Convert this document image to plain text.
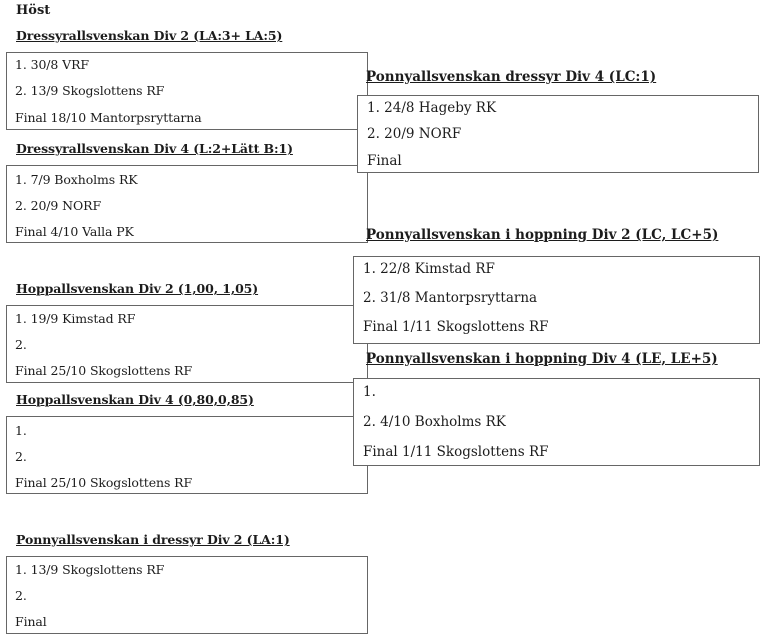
Höst
Dressyrallsvenskan Div 2 (LA:3+ LA:5)
1. 30/8 VRF
2. 13/9 Skogslottens RF
Final 18/10 Mantorpsryttarna
Dressyrallsvenskan Div 4 (L:2+Lätt B:1)
1. 7/9 Boxholms RK
2. 20/9 NORF
Final 4/10 Valla PK
Hoppallsvenskan Div 2 (1,00, 1,05)
1. 19/9 Kimstad RF
2.
Final 25/10 Skogslottens RF
Hoppallsvenskan Div 4 (0,80,0,85)
1.
2.
Final 25/10 Skogslottens RF
Ponnyallsvenskan i dressyr Div 2 (LA:1)
1. 13/9 Skogslottens RF
2.
Final
Ponnyallsvenskan dressyr Div 4 (LC:1)
1. 24/8 Hageby RK
2. 20/9 NORF
Final
Ponnyallsvenskan i hoppning Div 2 (LC, LC+5)
1. 22/8 Kimstad RF
2. 31/8 Mantorpsryttarna
Final 1/11 Skogslottens RF
Ponnyallsvenskan i hoppning Div 4 (LE, LE+5)
1.
2. 4/10 Boxholms RK
Final 1/11 Skogslottens RF
